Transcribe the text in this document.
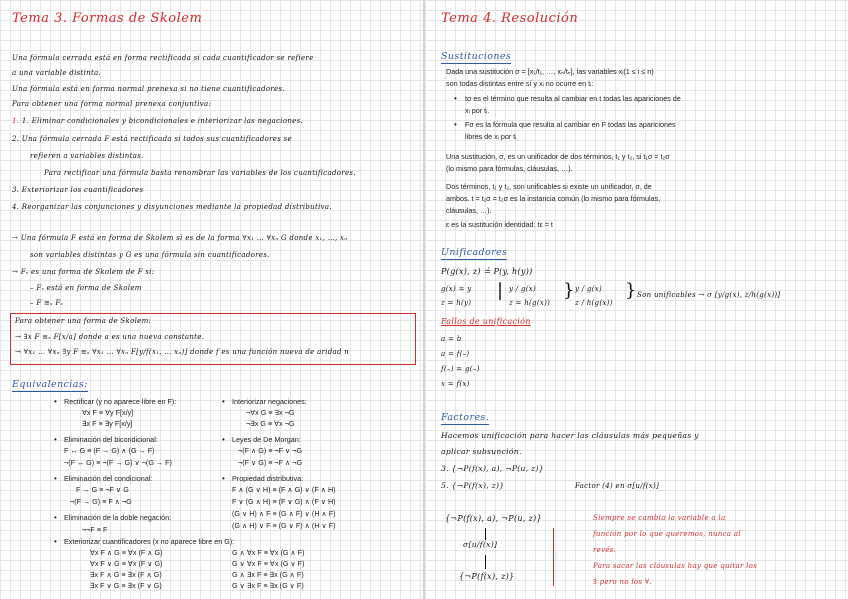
Tema 3. Formas de Skolem
Una fórmula cerrada está en forma rectificada si cada cuantificador se refiere
a una variable distinta.
Una fórmula está en forma normal prenexa si no tiene cuantificadores.
Para obtener una forma normal prenexa conjuntiva:
1. 1. Eliminar condicionales y bicondicionales e interiorizar las negaciones.
2. Una fórmula cerrada F está rectificada si todos sus cuantificadores se
refieren a variables distintas.
Para rectificar una fórmula basta renombrar las variables de los cuantificadores.
3. Exteriorizar los cuantificadores
4. Reorganizar las conjunciones y disyunciones mediante la propiedad distributiva.
→ Una fórmula F está en forma de Skolem si es de la forma ∀x₁ … ∀xₙ G donde x₁, …, xₙ
son variables distintas y G es una fórmula sin cuantificadores.
→ Fₛ es una forma de Skolem de F si:
– Fₛ está en forma de Skolem
– F ≡ₛ Fₛ
Para obtener una forma de Skolem:
→ ∃x F ≡ₛ F[x/a] donde a es una nueva constante.
→ ∀x₁ … ∀xₙ ∃y F ≡ₛ ∀x₁ … ∀xₙ F[y/f(x₁, … xₙ)] donde f es una función nueva de aridad n
Equivalencias:
• Rectificar (y no aparece libre en F):
∀x F ≡ ∀y F[x/y]
∃x F ≡ ∃y F[x/y]
• Eliminación del bicondicional:
F ↔ G ≡ (F → G) ∧ (G → F)
¬(F ↔ G) ≡ ¬(F → G) ∨ ¬(G → F)
• Eliminación del condicional:
F → G ≡ ¬F ∨ G
¬(F → G) ≡ F ∧ ¬G
• Eliminación de la doble negación:
¬¬F ≡ F
• Exteriorizar cuantificadores (x no aparece libre en G):
∀x F ∧ G ≡ ∀x (F ∧ G)
∀x F ∨ G ≡ ∀x (F ∨ G)
∃x F ∧ G ≡ ∃x (F ∧ G)
∃x F ∨ G ≡ ∃x (F ∨ G)
G ∧ ∀x F ≡ ∀x (G ∧ F)
G ∨ ∀x F ≡ ∀x (G ∨ F)
G ∧ ∃x F ≡ ∃x (G ∧ F)
G ∨ ∃x F ≡ ∃x (G ∨ F)
• Interiorizar negaciones:
¬∀x G ≡ ∃x ¬G
¬∃x G ≡ ∀x ¬G
• Leyes de De Morgan:
¬(F ∧ G) ≡ ¬F ∨ ¬G
¬(F ∨ G) ≡ ¬F ∧ ¬G
• Propiedad distributiva:
F ∧ (G ∨ H) ≡ (F ∧ G) ∨ (F ∧ H)
F ∨ (G ∧ H) ≡ (F ∨ G) ∧ (F ∨ H)
(G ∨ H) ∧ F ≡ (G ∧ F) ∨ (H ∧ F)
(G ∧ H) ∨ F ≡ (G ∨ F) ∧ (H ∨ F)
Tema 4. Resolución
Sustituciones
Dada una sustitución σ = [x₁/t₁, …, xₙ/tₙ], las variables xᵢ(1 ≤ i ≤ n)
son todas distintas entre sí y xᵢ no ocurre en tᵢ:
• tσ es el término que resulta al cambiar en t todas las apariciones de
xᵢ por tᵢ.
• Fσ es la fórmula que resulta al cambiar en F todas las apariciones
libres de xᵢ por tᵢ
Una sustitución, σ, es un unificador de dos términos, t₁ y t₂, si t₁σ = t₂σ
(lo mismo para fórmulas, cláusulas, …).
Dos términos, t₁ y t₂, son unificables si existe un unificador, σ, de
ambos. t = t₁σ = t₂σ es la instancia común (lo mismo para fórmulas,
cláusulas, …).
ε es la sustitución identidad: tε = t
Unificadores
P(g(x), z) ≟ P(y, h(y))
g(x) = y
z = h(y)
| y / g(x)
z = h(g(x))
} y / g(x)
z / h(g(x))
} Son unificables → σ [y/g(x), z/h(g(x))]
Fallos de unificación
a = b
a = f(–)
f(–) = g(–)
x = f(x)
Factores.
Hacemos unificación para hacer las cláusulas más pequeñas y
aplicar subsunción.
3. {¬P(f(x), a), ¬P(u, z)}
5. {¬P(f(x), z)}	Factor (4) en σ[u/f(x)]
{¬P(f(x), a), ¬P(u, z)}
σ[u/f(x)]
{¬P(f(x), z)}
Siempre se cambia la variable a la
función por lo que queremos, nunca al
revés.
Para sacar las cláusulas hay que quitar los
∃ pero no los ∀.
